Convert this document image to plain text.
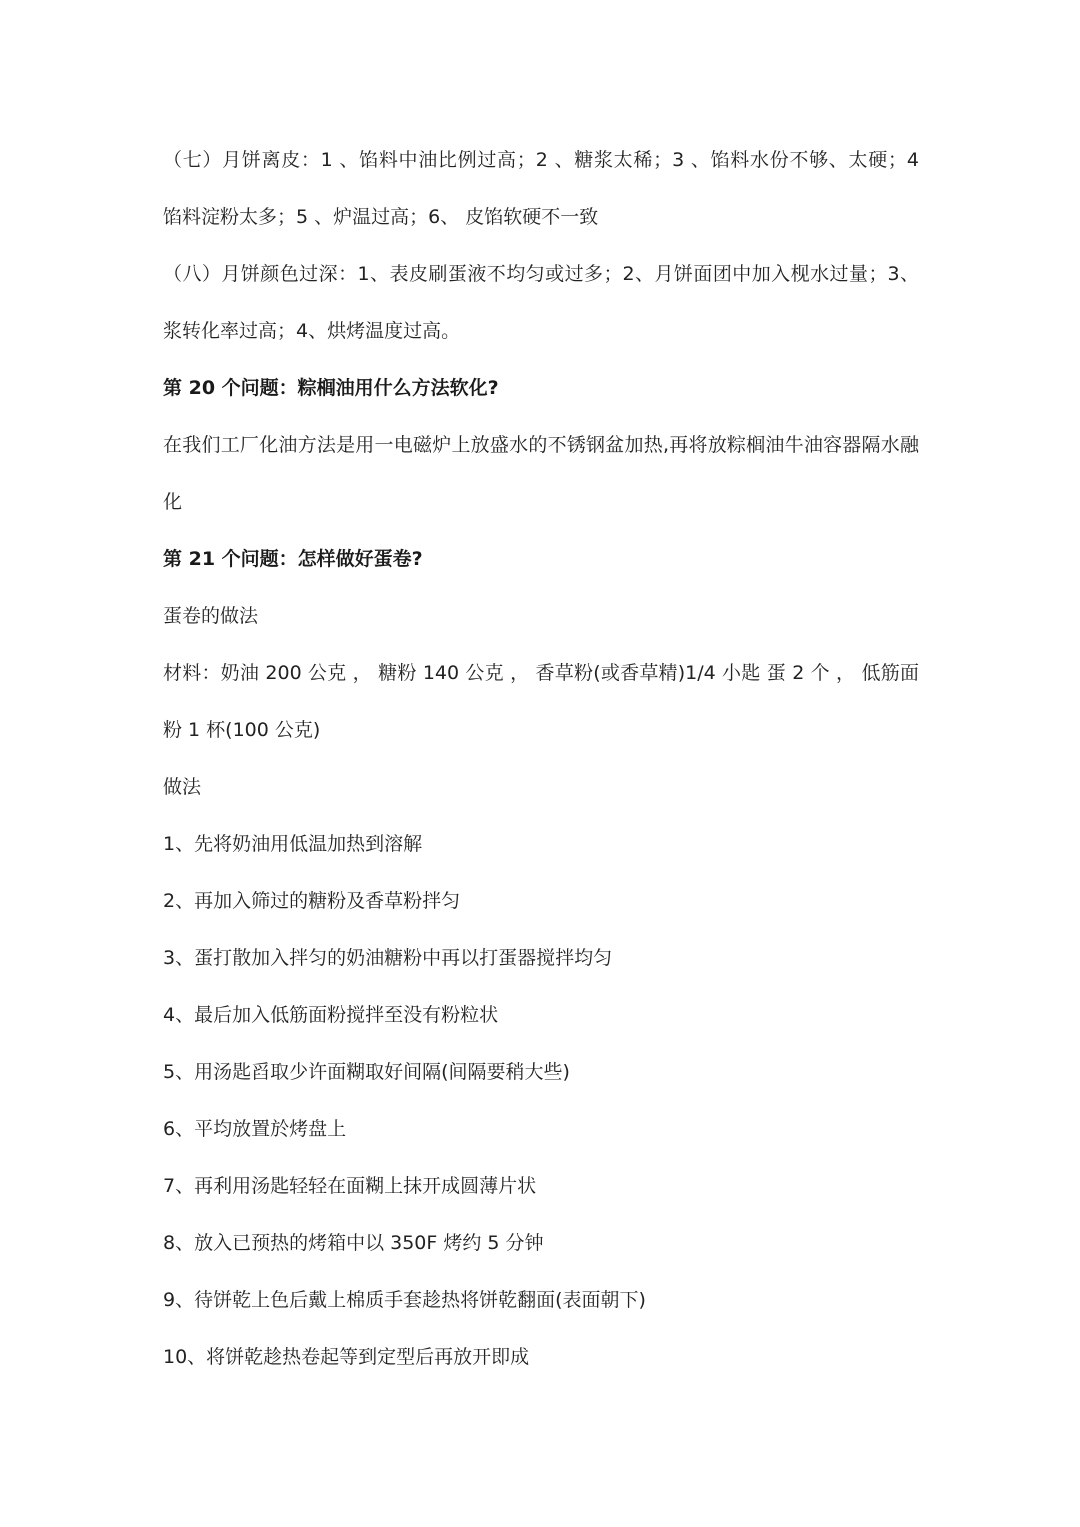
（七）月饼离皮：1 、馅料中油比例过高；2 、糖浆太稀；3 、馅料水份不够、太硬；4

馅料淀粉太多；5 、炉温过高；6、 皮馅软硬不一致

（八）月饼颜色过深：1、表皮刷蛋液不均匀或过多；2、月饼面团中加入枧水过量；3、

浆转化率过高；4、烘烤温度过高。

第 20 个问题：粽榈油用什么方法软化?

在我们工厂化油方法是用一电磁炉上放盛水的不锈钢盆加热,再将放粽榈油牛油容器隔水融

化

第 21 个问题：怎样做好蛋卷?

蛋卷的做法

材料：奶油 200 公克 ， 糖粉 140 公克 ， 香草粉(或香草精)1/4 小匙 蛋 2 个 ， 低筋面

粉 1 杯(100 公克)

做法

1、先将奶油用低温加热到溶解

2、再加入筛过的糖粉及香草粉拌匀

3、蛋打散加入拌匀的奶油糖粉中再以打蛋器搅拌均匀

4、最后加入低筋面粉搅拌至没有粉粒状

5、用汤匙舀取少许面糊取好间隔(间隔要稍大些)

6、平均放置於烤盘上

7、再利用汤匙轻轻在面糊上抹开成圆薄片状

8、放入已预热的烤箱中以 350F 烤约 5 分钟

9、待饼乾上色后戴上棉质手套趁热将饼乾翻面(表面朝下)

10、将饼乾趁热卷起等到定型后再放开即成
